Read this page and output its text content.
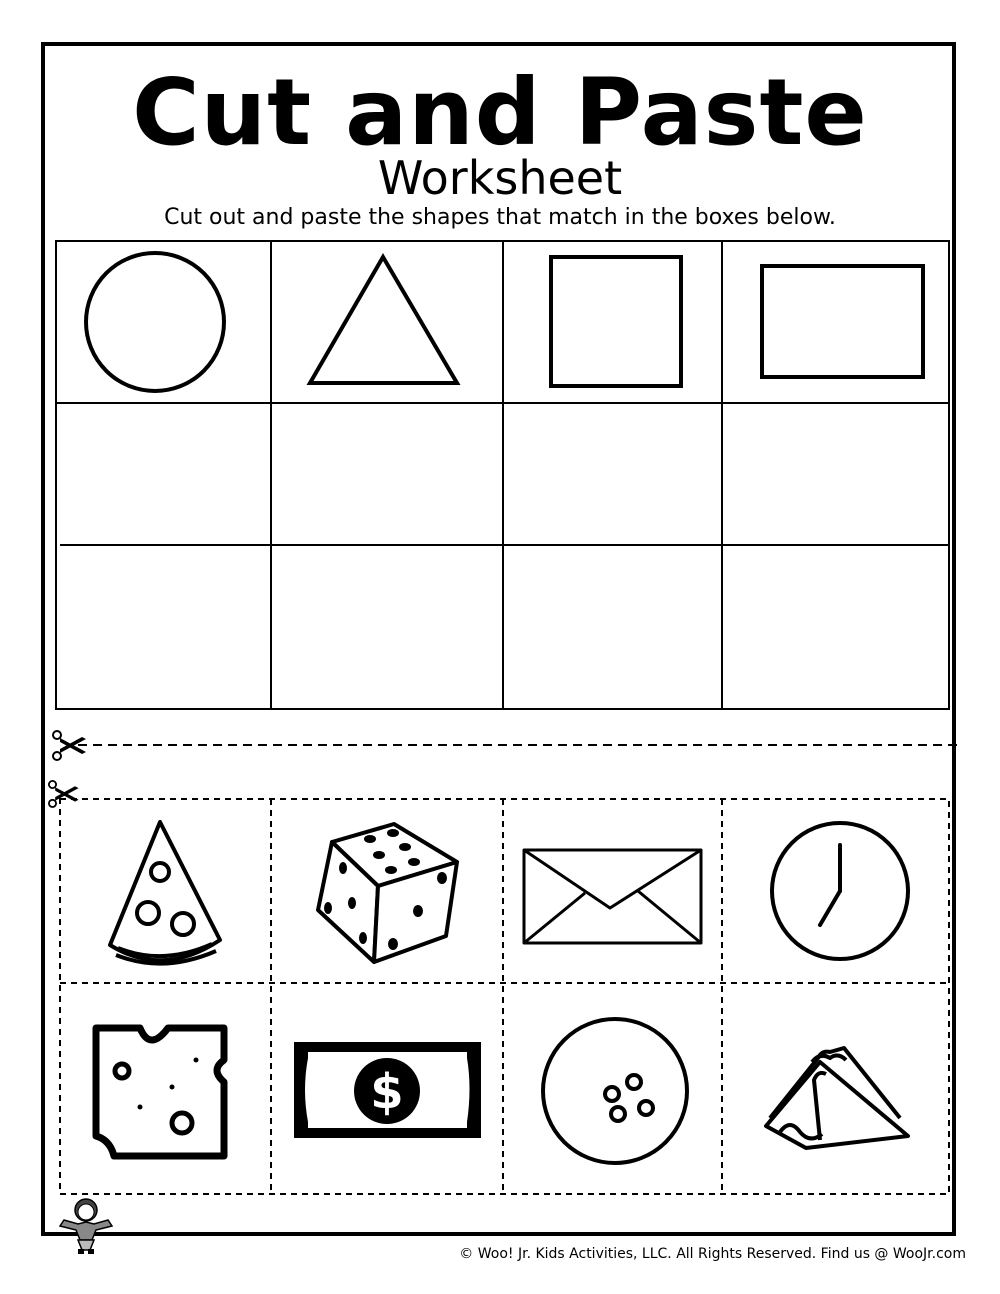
Cut and Paste
Worksheet
Cut out and paste the shapes that match in the boxes below.
$
© Woo! Jr. Kids Activities, LLC. All Rights Reserved. Find us @ WooJr.com
